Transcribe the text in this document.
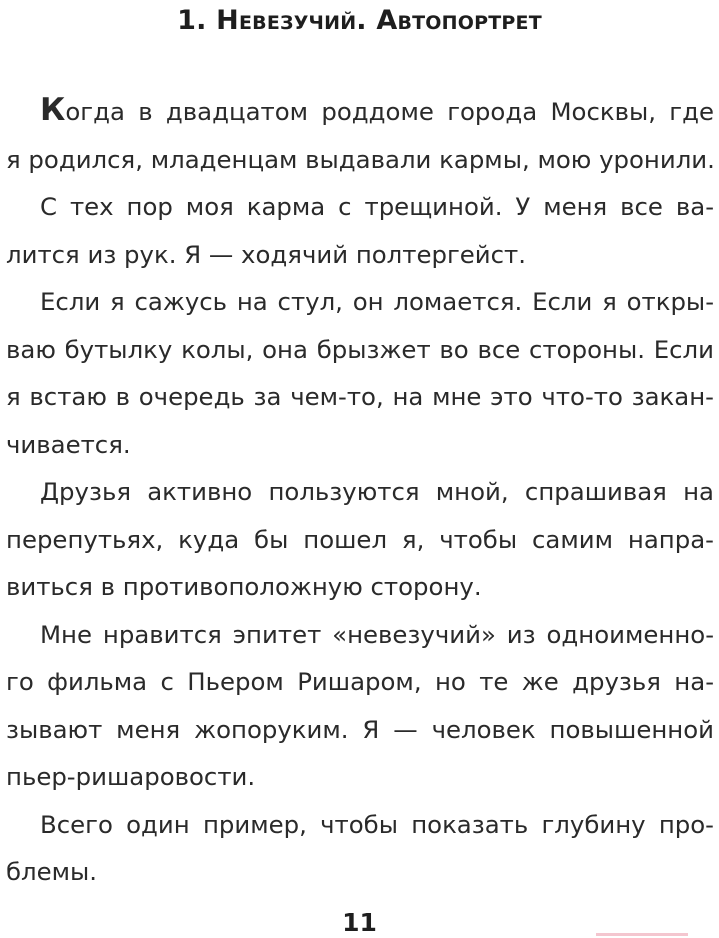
1. Невезучий. Автопортрет
Когда в двадцатом роддоме города Москвы, где
я родился, младенцам выдавали кармы, мою уронили.
С тех пор моя карма с трещиной. У меня все ва-
лится из рук. Я — ходячий полтергейст.
Если я сажусь на стул, он ломается. Если я откры-
ваю бутылку колы, она брызжет во все стороны. Если
я встаю в очередь за чем-то, на мне это что-то закан-
чивается.
Друзья активно пользуются мной, спрашивая на
перепутьях, куда бы пошел я, чтобы самим напра-
виться в противоположную сторону.
Мне нравится эпитет «невезучий» из одноименно-
го фильма с Пьером Ришаром, но те же друзья на-
зывают меня жопоруким. Я — человек повышенной
пьер-ришаровости.
Всего один пример, чтобы показать глубину про-
блемы.
11
